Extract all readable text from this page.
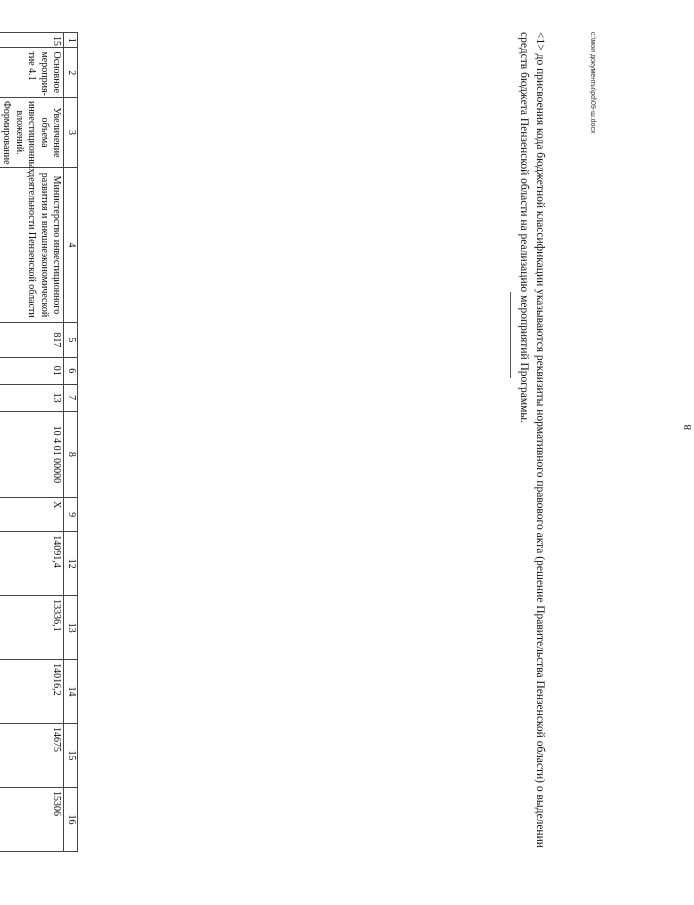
8
1	2	3	4	5	6	7	8	9	12	13	14	15	16
15	Основное мероприя-тие 4.1	Увеличение объема инвестиционных вложений. Формирование	Министерство инвестиционного развития и внешнеэкономической деятельности Пензенской области	817	01	13	10 4 01 00000	X	14091,4	13336,1	14016,2	14675	15306

														<1> до присвоения кода бюджетной классификации указываются реквизиты нормативного правового акта (решение Правительства Пензенской области) о выделении средств бюджета Пензенской области на реализацию мероприятий Программы.	c:\мои документы\pd\09-ш.docx
